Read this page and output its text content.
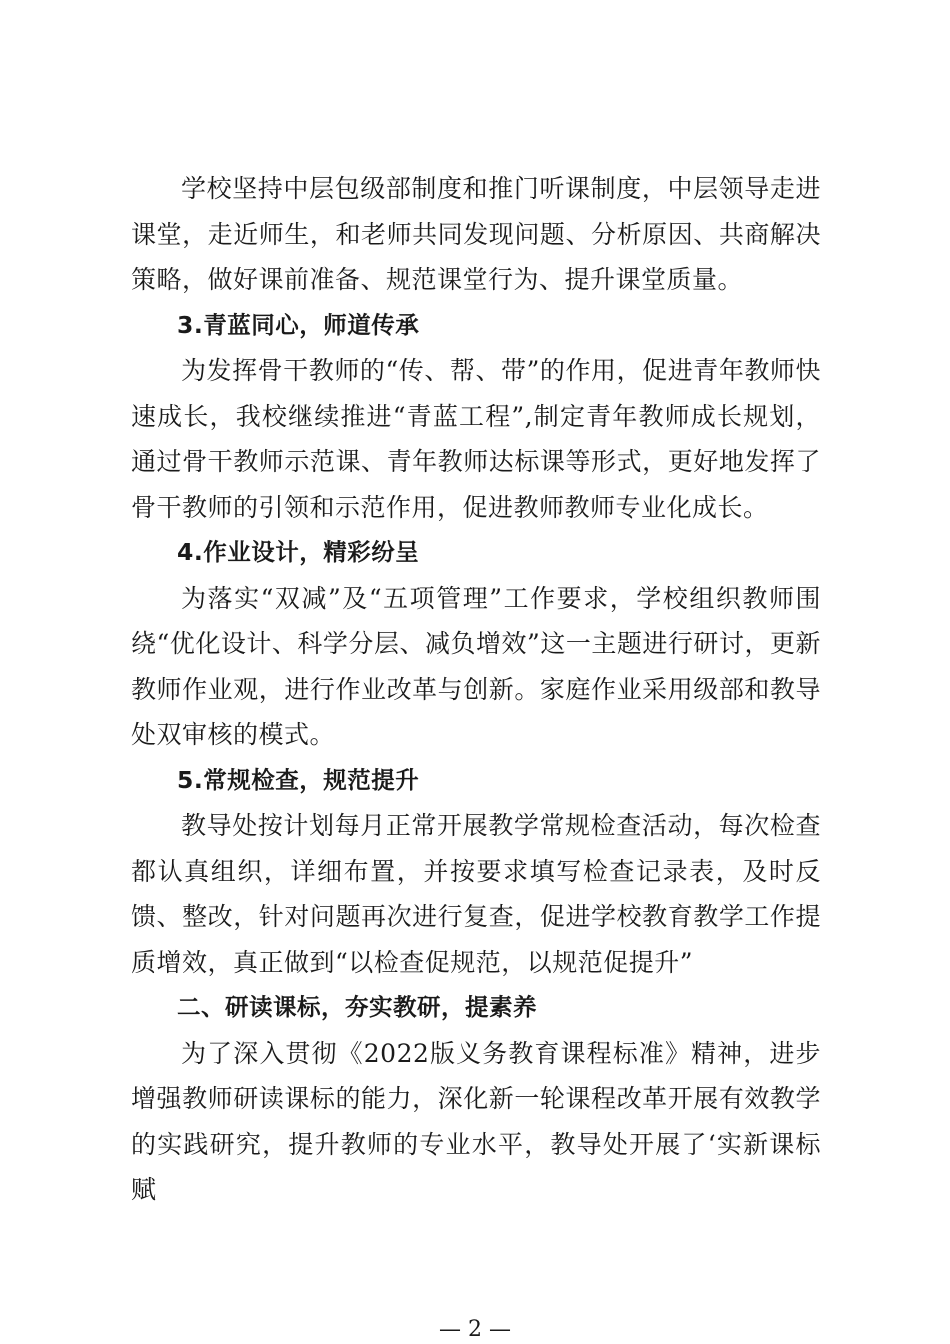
学校坚持中层包级部制度和推门听课制度，中层领导走进课堂，走近师生，和老师共同发现问题、分析原因、共商解决策略，做好课前准备、规范课堂行为、提升课堂质量。

3.青蓝同心，师道传承

为发挥骨干教师的“传、帮、带”的作用，促进青年教师快速成长，我校继续推进“青蓝工程”,制定青年教师成长规划，通过骨干教师示范课、青年教师达标课等形式，更好地发挥了骨干教师的引领和示范作用，促进教师教师专业化成长。

4.作业设计，精彩纷呈

为落实“双减”及“五项管理”工作要求，学校组织教师围绕“优化设计、科学分层、减负增效”这一主题进行研讨，更新教师作业观，进行作业改革与创新。家庭作业采用级部和教导处双审核的模式。

5.常规检查，规范提升

教导处按计划每月正常开展教学常规检查活动，每次检查都认真组织，详细布置，并按要求填写检查记录表，及时反馈、整改，针对问题再次进行复查，促进学校教育教学工作提质增效，真正做到“以检查促规范，以规范促提升”

二、研读课标，夯实教研，提素养

为了深入贯彻《2022版义务教育课程标准》精神，进步增强教师研读课标的能力，深化新一轮课程改革开展有效教学的实践研究，提升教师的专业水平，教导处开展了‘实新课标赋

— 2 —
